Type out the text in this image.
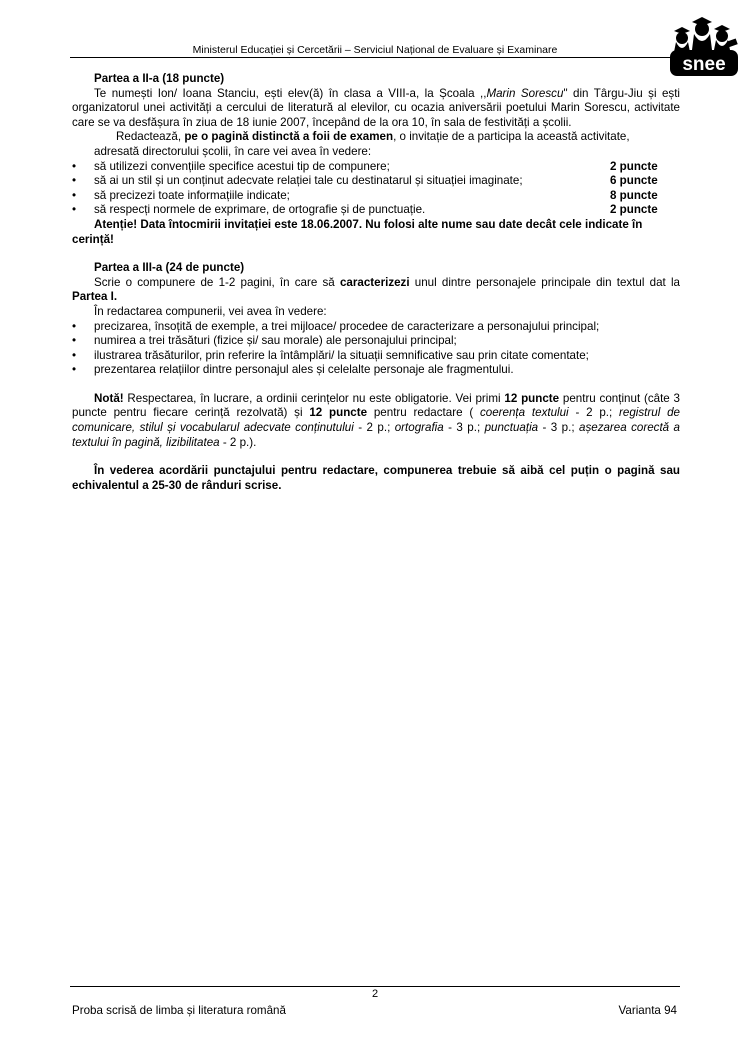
Ministerul Educației și Cercetării – Serviciul Național de Evaluare și Examinare
snee

Partea a II-a (18 puncte)

Te numești Ion/ Ioana Stanciu, ești elev(ă) în clasa a VIII-a, la Școala ,,Marin Sorescu" din Târgu-Jiu și ești organizatorul unei activități a cercului de literatură al elevilor, cu ocazia aniversării poetului Marin Sorescu, activitate care se va desfășura în ziua de 18 iunie 2007, începând de la ora 10, în sala de festivități a școlii.

Redactează, pe o pagină distinctă a foii de examen, o invitație de a participa la această activitate,

adresată directorului școlii, în care vei avea în vedere:

• să utilizezi convențiile specifice acestui tip de compunere;	2 puncte
• să ai un stil și un conținut adecvate relației tale cu destinatarul și situației imaginate;	6 puncte
• să precizezi toate informațiile indicate;	8 puncte
• să respecți normele de exprimare, de ortografie și de punctuație.	2 puncte

Atenție! Data întocmirii invitației este 18.06.2007. Nu folosi alte nume sau date decât cele indicate în cerință!

Partea a III-a (24 de puncte)

Scrie o compunere de 1-2 pagini, în care să caracterizezi unul dintre personajele principale din textul dat la Partea I.

În redactarea compunerii, vei avea în vedere:

• precizarea, însoțită de exemple, a trei mijloace/ procedee de caracterizare a personajului principal;
• numirea a trei trăsături (fizice și/ sau morale) ale personajului principal;
• ilustrarea trăsăturilor, prin referire la întâmplări/ la situații semnificative sau prin citate comentate;
• prezentarea relațiilor dintre personajul ales și celelalte personaje ale fragmentului.

Notă! Respectarea, în lucrare, a ordinii cerințelor nu este obligatorie. Vei primi 12 puncte pentru conținut (câte 3 puncte pentru fiecare cerință rezolvată) și 12 puncte pentru redactare ( coerența textului - 2 p.; registrul de comunicare, stilul și vocabularul adecvate conținutului - 2 p.; ortografia - 3 p.; punctuația - 3 p.; așezarea corectă a textului în pagină, lizibilitatea - 2 p.).

În vederea acordării punctajului pentru redactare, compunerea trebuie să aibă cel puțin o pagină sau echivalentul a 25-30 de rânduri scrise.

2
Proba scrisă de limba și literatura română	Varianta 94
